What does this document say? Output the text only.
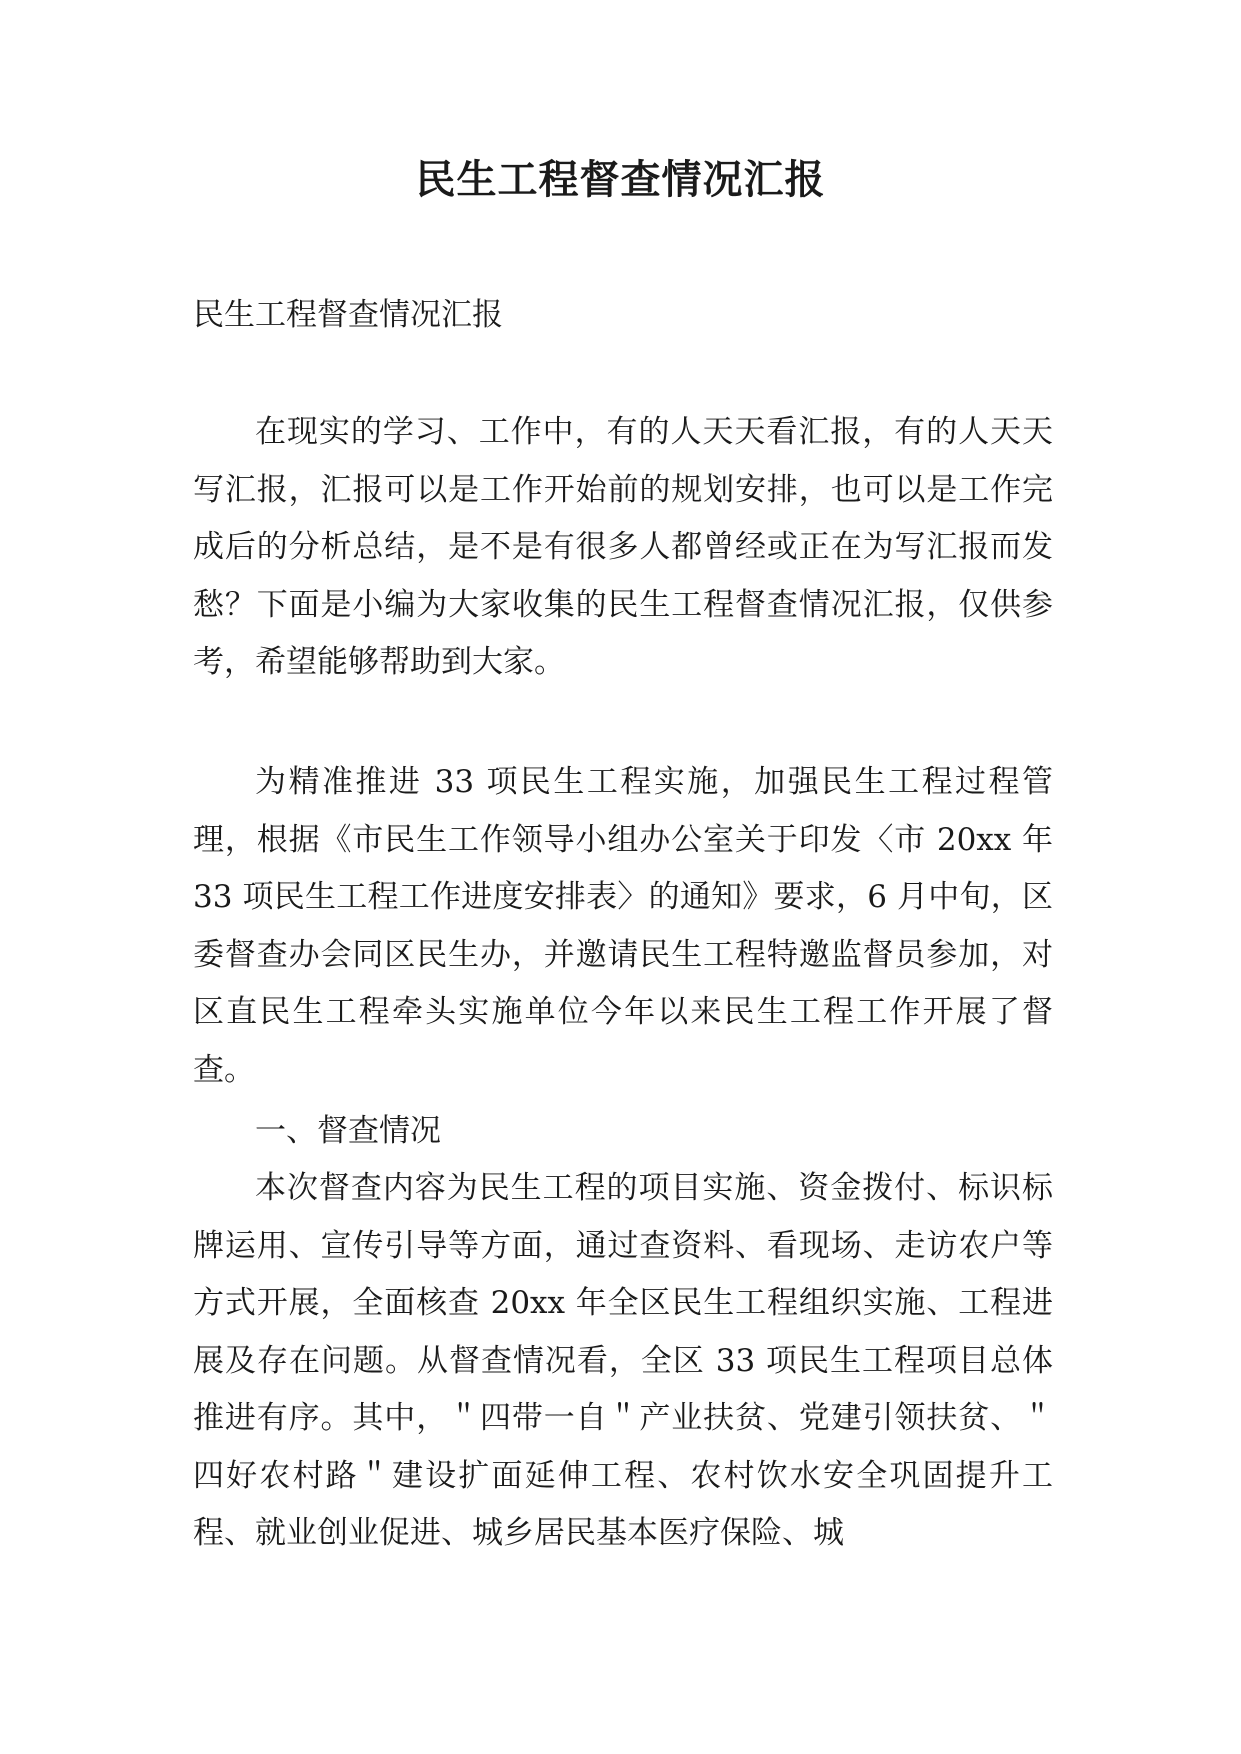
民生工程督查情况汇报

民生工程督查情况汇报

在现实的学习、工作中，有的人天天看汇报，有的人天天写汇报，汇报可以是工作开始前的规划安排，也可以是工作完成后的分析总结，是不是有很多人都曾经或正在为写汇报而发愁？下面是小编为大家收集的民生工程督查情况汇报，仅供参考，希望能够帮助到大家。

为精准推进 33 项民生工程实施，加强民生工程过程管理，根据《市民生工作领导小组办公室关于印发〈市 20xx 年 33 项民生工程工作进度安排表〉的通知》要求，6 月中旬，区委督查办会同区民生办，并邀请民生工程特邀监督员参加，对区直民生工程牵头实施单位今年以来民生工程工作开展了督查。

一、督查情况

本次督查内容为民生工程的项目实施、资金拨付、标识标牌运用、宣传引导等方面，通过查资料、看现场、走访农户等方式开展，全面核查 20xx 年全区民生工程组织实施、工程进展及存在问题。从督查情况看，全区 33 项民生工程项目总体推进有序。其中，＂四带一自＂产业扶贫、党建引领扶贫、＂四好农村路＂建设扩面延伸工程、农村饮水安全巩固提升工程、就业创业促进、城乡居民基本医疗保险、城
